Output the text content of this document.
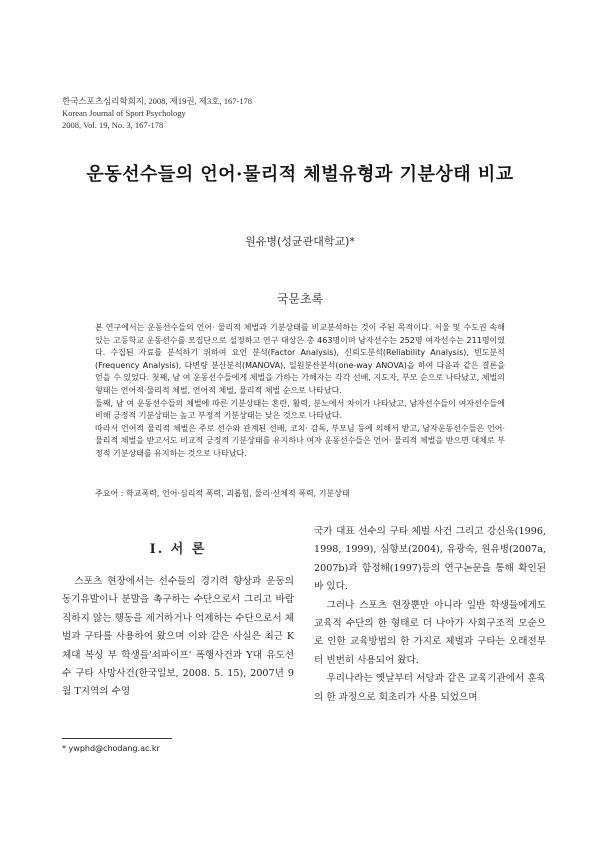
한국스포츠심리학회지, 2008, 제19권, 제3호, 167-178
Korean Journal of Sport Psychology
2008, Vol. 19, No. 3, 167-178
운동선수들의 언어·물리적 체벌유형과 기분상태 비교
원유병(성균관대학교)*
국문초록

본 연구에서는 운동선수들의 언어· 물리적 체벌과 기분상태를 비교분석하는 것이 주된 목적이다. 서울 및 수도권 속해 있는 고등학교 운동선수를 모집단으로 설정하고 연구 대상은 총 463명이며 남자선수는 252명 여자선수는 211명이였다. 수집된 자료를 분석하기 위하여 요인 분석(Factor Analysis), 신뢰도분석(Reliability Analysis), 빈도분석(Frequency Analysis), 다변량 분산분석(MANOVA), 일원분산분석(one-way ANOVA)을 하여 다음과 같은 결론을 얻을 수 있었다. 첫째, 남 여 운동선수들에게 체벌을 가하는 가해자는 각각 선배, 지도자, 부모 순으로 나타났고, 체벌의 형태는 언어적·물리적 체벌, 언어적 체벌, 물리적 체벌 순으로 나타났다.

둘째, 남 여 운동선수들의 체벌에 따른 기분상태는 혼란, 활력, 분노에서 차이가 나타났고, 남자선수들이 여자선수들에 비해 긍정적 기분상태는 높고 부정적 기분상태는 낮은 것으로 나타났다.

따라서 언어적 물리적 체벌은 주로 선수와 관계된 선배, 코치· 감독, 부모님 등에 의해서 받고, 남자운동선수들은 언어· 물리적 체벌을 받고서도 비교적 긍정적 기분상태를 유지하나 여자 운동선수들은 언어· 물리적 체벌을 받으면 대체로 부정적 기분상태를 유지하는 것으로 나타났다.

주요어 : 학교폭력, 언어·심리적 폭력, 괴롭힘, 물리·신체적 폭력, 기분상태
Ⅰ. 서 론

스포츠 현장에서는 선수들의 경기력 향상과 운동의 동기유발이나 분발을 촉구하는 수단으로서 그리고 바람직하지 않는 행동을 제거하거나 억제하는 수단으로서 체벌과 구타를 사용하여 왔으며 이와 같은 사실은 최근 K체대 복싱 부 학생들'쇠파이프' 폭행사건과 Y대 유도선수 구타 사망사건(한국일보, 2008. 5. 15), 2007년 9월 T지역의 수영

국가 대표 선수의 구타 체벌 사건 그리고 강신욱(1996, 1998, 1999), 심향보(2004), 유광숙, 원유병(2007a, 2007b)과 함정해(1997)등의 연구논문을 통해 확인된바 있다.

그러나 스포츠 현장뿐만 아니라 일반 학생들에게도 교육적 수단의 한 형태로 더 나아가 사회구조적 모순으로 인한 교육방법의 한 가지로 체벌과 구타는 오래전부터 빈번히 사용되어 왔다.

우리나라는 옛날부터 서당과 같은 교육기관에서 훈육의 한 과정으로 회초리가 사용 되었으며

* ywphd@chodang.ac.kr
